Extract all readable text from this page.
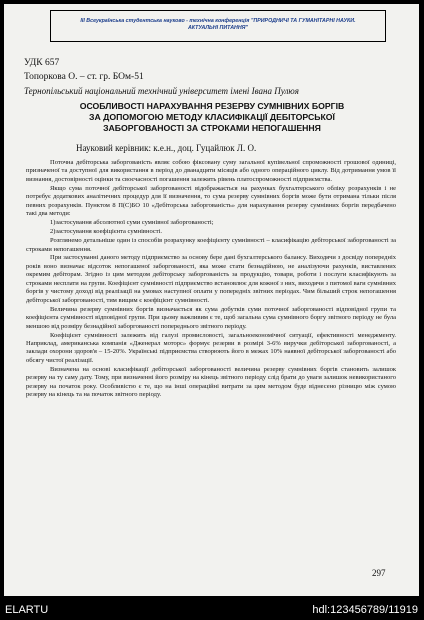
III Всеукраїнська студентська науково - технічна конференція "ПРИРОДНИЧІ ТА ГУМАНІТАРНІ НАУКИ.
АКТУАЛЬНІ ПИТАННЯ"
УДК 657
Топоркова О. – ст. гр. БОм-51
Тернопільський національний технічний університет імені Івана Пулюя
ОСОБЛИВОСТІ НАРАХУВАННЯ РЕЗЕРВУ СУМНІВНИХ БОРГІВ
ЗА ДОПОМОГОЮ МЕТОДУ КЛАСИФІКАЦІЇ ДЕБІТОРСЬКОЇ
ЗАБОРГОВАНОСТІ ЗА СТРОКАМИ НЕПОГАШЕННЯ
Науковий керівник: к.е.н., доц. Гуцайлюк Л. О.

Поточна дебіторська заборгованість являє собою фіксовану суму загальної купівельної спроможності грошової одиниці, призначеної та доступної для використання в період до дванадцяти місяців або одного операційного циклу. Від дотримання умов її визнання, достовірності оцінки та своєчасності погашення залежить рівень платоспроможності підприємства.

Якщо сума поточної дебіторської заборгованості відображається на рахунках бухгалтерського обліку розрахунків і не потребує додаткових аналітичних процедур для її визначення, то сума резерву сумнівних боргів може бути отримана тільки після певних розрахунків. Пунктом 8 П(С)БО 10 «Дебіторська заборгованість» для нарахування резерву сумнівних боргів передбачено такі два методи:

1)застосування абсолютної суми сумнівної заборгованості;

2)застосування коефіцієнта сумнівності.

Розглянемо детальніше один із способів розрахунку коефіцієнту сумнівності – класифікацію дебіторської заборгованості за строками непогашення.

При застосуванні даного методу підприємство за основу бере дані бухгалтерського балансу. Виходячи з досвіду попередніх років воно визначає відсоток непогашеної заборгованості, яка може стати безнадійною, не аналізуючи рахунків, виставлених окремим дебіторам. Згідно із цим методом дебіторську заборгованість за продукцію, товари, роботи і послуги класифікують за строками несплати на групи. Коефіцієнт сумнівності підприємство встановлює для кожної з них, виходячи з питомої ваги сумнівних боргів у чистому доході від реалізації на умовах наступної оплати у попередніх звітних періодах. Чим більший строк непогашення дебіторської заборгованості, тим вищим є коефіцієнт сумнівності.

Величина резерву сумнівних боргів визначається як сума добутків суми поточної заборгованості відповідної групи та коефіцієнта сумнівності відповідної групи. При цьому важливим є те, щоб загальна сума сумнівного боргу звітного періоду не була меншою від розміру безнадійної заборгованості попереднього звітного періоду.

Коефіцієнт сумнівності залежить від галузі промисловості, загальноекономічної ситуації, ефективності менеджменту. Наприклад, американська компанія «Дженерал моторс» формує резерви в розмірі 3-6% виручки дебіторської заборгованості, а заклади охорони здоров'я – 15-20%. Українські підприємства створюють його в межах 10% наявної дебіторської заборгованості або обсягу чистої реалізації.

Визначена на основі класифікації дебіторської заборгованості величина резерву сумнівних боргів становить залишок резерву на ту саму дату. Тому, при визначенні його розміру на кінець звітного періоду слід брати до уваги залишок невикористаного резерву на початок року. Особливістю є те, що на інші операційні витрати за цим методом буде віднесено різницю між сумою резерву на кінець та на початок звітного періоду.

297
ELARTU	hdl:123456789/11919
